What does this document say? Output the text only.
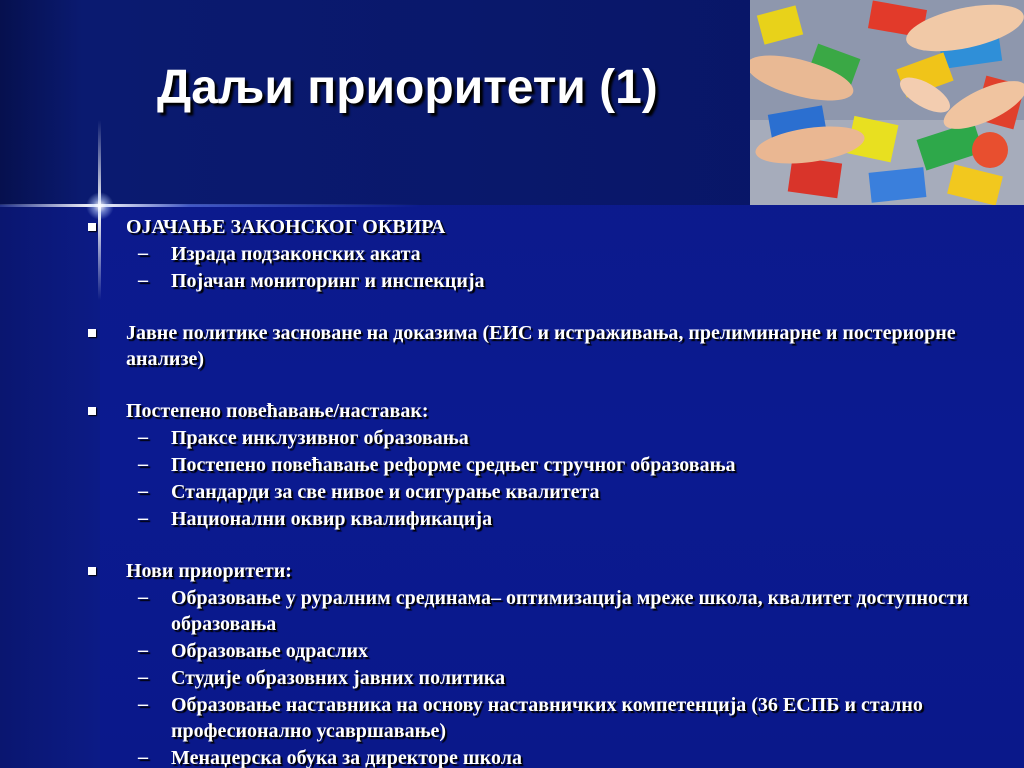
Даљи приоритети (1)
ОЈАЧАЊЕ ЗАКОНСКОГ ОКВИРА
– Израда подзаконских аката
– Појачан мониторинг и инспекција
Јавне политике засноване на доказима (ЕИС и истраживања, прелиминарне и постериорне анализе)
Постепено повећавање/наставак:
– Праксе инклузивног образовања
– Постепено повећавање реформе средњег стручног образовања
– Стандарди за све нивое и осигурање квалитета
– Национални оквир квалификација
Нови приоритети:
– Образовање у руралним срединама– оптимизација мреже школа, квалитет доступности образовања
– Образовање одраслих
– Студије образовних јавних политика
– Образовање наставника на основу наставничких компетенција (36 ЕСПБ и стално професионално усавршавање)
– Менаџерска обука за директоре школа
